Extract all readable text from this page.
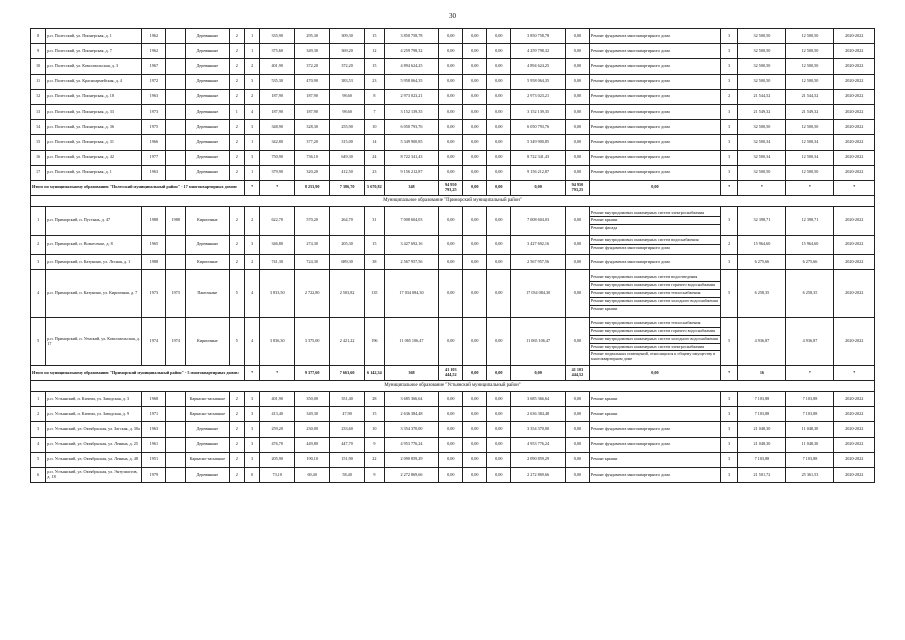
30
8	р.п. Полесский, ул. Пионерская, д. 1	1962		Деревянные	2	1	335,90	295,30	309,30	15	3 850 758,78	0,00	0,00	0,00	3 850 758,78	0,00	Ремонт фундамента многоквартирного дома	3	32 500,50	12 500,50	2020-2022
9	р.п. Полесский, ул. Пионерская, д. 7	1962		Деревянные	2	1	375,60	349,30	369,20	12	4 259 798,32	0,00	0,00	0,00	4 259 798,32	0,00	Ремонт фундамента многоквартирного дома	3	32 500,50	12 500,50	2020-2022
10	р.п. Полесский, ул. Комсомольская, д. 3	1967		Деревянные	2	2	401,90	372,20	372,20	15	4 894 624,25	0,00	0,00	0,00	4 894 624,25	0,00	Ремонт фундамента многоквартирного дома	3	32 500,50	12 500,50	2020-2022
11	р.п. Полесский, ул. Красноармейская, д. 4	1972		Деревянные	2	3	535,30	470,90	383,53	23	5 958 064,35	0,00	0,00	0,00	5 958 064,35	0,00	Ремонт фундамента многоквартирного дома	3	32 500,50	12 500,50	2020-2022
12	р.п. Полесский, ул. Пионерская, д. 18	1963		Деревянные	2	2	187,90	187,90	98,60	8	2 973 023,21	0,00	0,00	0,00	2 973 023,21	0,00	Ремонт фундамента многоквартирного дома	2	21 544,52	21 544,52	2020-2022
13	р.п. Полесский, ул. Пионерская, д. 33	1973		Деревянные	1	4	187,90	187,90	98,60	7	3 152 139,35	0,00	0,00	0,00	3 152 139,35	0,00	Ремонт фундамента многоквартирного дома	3	21 549,32	21 549,32	2020-2022
14	р.п. Полесский, ул. Пионерская, д. 36	1975		Деревянные	2	3	348,90	328,30	255,90	10	6 050 793,76	0,00	0,00	0,00	6 050 793,76	0,00	Ремонт фундамента многоквартирного дома	3	32 500,50	12 500,50	2020-2022
15	р.п. Полесский, ул. Пионерская, д. 31	1966		Деревянные	2	1	342,80	377,20	315,00	14	5 349 900,85	0,00	0,00	0,00	5 349 900,85	0,00	Ремонт фундамента многоквартирного дома	3	32 500,34	12 500,34	2020-2022
16	р.п. Полесский, ул. Пионерская, д. 42	1977		Деревянные	2	3	750,90	736,10	649,30	24	8 722 341,43	0,00	0,00	0,00	8 722 341,43	0,00	Ремонт фундамента многоквартирного дома	3	32 500,34	12 500,34	2020-2022
17	р.п. Полесский, ул. Пионерская, д. 1	1963		Деревянные	2	1	379,90	320,20	412,50	23	9 156 212,87	0,00	0,00	0,00	9 156 212,87	0,00	Ремонт фундамента многоквартирного дома	3	32 500,50	12 500,50	2020-2022
Итого по муниципальному образованию "Полесский муниципальный район" - 17 многоквартирных домов:						*	*	8 253,90	7 386,70	5 670,82	348	94 950 793,25	0,00	0,00	0,00	94 950 793,25	0,00	*	*	*	*
Муниципальное образование "Приморский муниципальный район"																					
1	р.п. Приморский, п. Пустынь, д. 47	1988	1988	Кирпичные	2	2	622,70	570,20	264,70	31	7 008 604,03	0,00	0,00	0,00	7 008 604,03	0,00	Ремонт внутридомовых инженерных систем электроснабжения
Ремонт крыши
Ремонт фасада	3	32 398,71	12 398,71	2020-2022
2	р.п. Приморский, п. Вознесенье, д. 8	1965		Деревянные	2	3	346,80	274,30	205,30	15	3 427 692,16	0,00	0,00	0,00	3 427 692,16	0,00	Ремонт внутридомовых инженерных систем водоснабжения
Ремонт фундамента многоквартирного дома	2	15 964,60	15 964,60	2020-2022
3	р.п. Приморский, п. Катунино, ул. Лесная, д. 1	1988		Кирпичные	2	2	741,30	724,30	689,30	38	2 567 957,56	0,00	0,00	0,00	2 567 957,56	0,00	Ремонт фундамента многоквартирного дома	3	6 275,66	6 275,66	2020-2022
4	р.п. Приморский, п. Катунино, ул. Кирпичная, д. 7	1973	1973	Панельные	5	4	3 833,50	2 722,80	2 503,82	135	17 034 084,30	0,00	0,00	0,00	17 034 084,30	0,00	Ремонт внутридомовых инженерных систем водоотведения
Ремонт внутридомовых инженерных систем горячего водоснабжения
Ремонт внутридомовых инженерных систем теплоснабжения
Ремонт внутридомовых инженерных систем холодного водоснабжения
Ремонт крыши	5	6 258,35	6 258,35	2020-2022
5	р.п. Приморский, п. Уемский, ул. Комсомольская, д. 17	1974	1974	Кирпичные	5	4	3 836,30	3 375,00	2 421,22	196	11 065 106,47	0,00	0,00	0,00	11 065 106,47	0,00	Ремонт внутридомовых инженерных систем теплоснабжения
Ремонт внутридомовых инженерных систем горячего водоснабжения
Ремонт внутридомовых инженерных систем холодного водоснабжения
Ремонт внутридомовых инженерных систем электроснабжения
Ремонт подвальных помещений, относящихся к общему имуществу в многоквартирном доме	5	4 936,87	4 936,87	2020-2022
Итого по муниципальному образованию "Приморский муниципальный район" - 5 многоквартирных домов:						*	*	9 377,60	7 663,60	6 142,34	368	41 103 444,52	0,00	0,00	0,00	41 103 444,52	0,00	*	16	*	*
Муниципальное образование "Устьянский муниципальный район"																					
1	р.п. Устьянский, п. Кизема, ул. Заводская, д. 3	1968		Каркасно-засыпные	2	3	401,90	350,00	351,40	28	3 685 366,64	0,00	0,00	0,00	3 685 366,64	0,00	Ремонт крыши	3	7 103,88	7 103,88	2020-2022
2	р.п. Устьянский, п. Кизема, ул. Заводская, д. 9	1971		Каркасно-засыпные	2	3	413,40	349,30	47,90	15	2 636 384,48	0,00	0,00	0,00	2 636 384,48	0,00	Ремонт крыши	3	7 103,88	7 103,88	2020-2022
3	р.п. Устьянский, ул. Октябрьская, ул. Загская, д. 30а	1963		Деревянные	2	3	259,20	230,00	233,60	10	3 354 370,00	0,00	0,00	0,00	3 354 370,00	0,00	Ремонт фундамента многоквартирного дома	3	21 048,30	11 048,30	2020-2022
4	р.п. Устьянский, ул. Октябрьская, ул. Ленина, д. 25	1961		Деревянные	2	3	476,70	449,80	447,70	9	4 953 776,24	0,00	0,00	0,00	4 953 776,24	0,00	Ремонт фундамента многоквартирного дома	3	21 048,30	11 048,30	2020-2022
5	р.п. Устьянский, ул. Октябрьская, ул. Ленина, д. 48	1951		Каркасно-засыпные	2	3	205,90	190,10	151,90	22	2 090 859,29	0,00	0,00	0,00	2 090 859,29	0,00	Ремонт крыши	3	7 103,88	7 103,88	2020-2022
6	р.п. Устьянский, ул. Октябрьская, ул. Энтузиастов, д. 18	1979		Деревянные	2	0	73,10	69,40	58,40	9	2 272 869,66	0,00	0,00	0,00	2 272 869,66	0,00	Ремонт фундамента многоквартирного дома	3	21 501,72	25 361,53	2020-2022
